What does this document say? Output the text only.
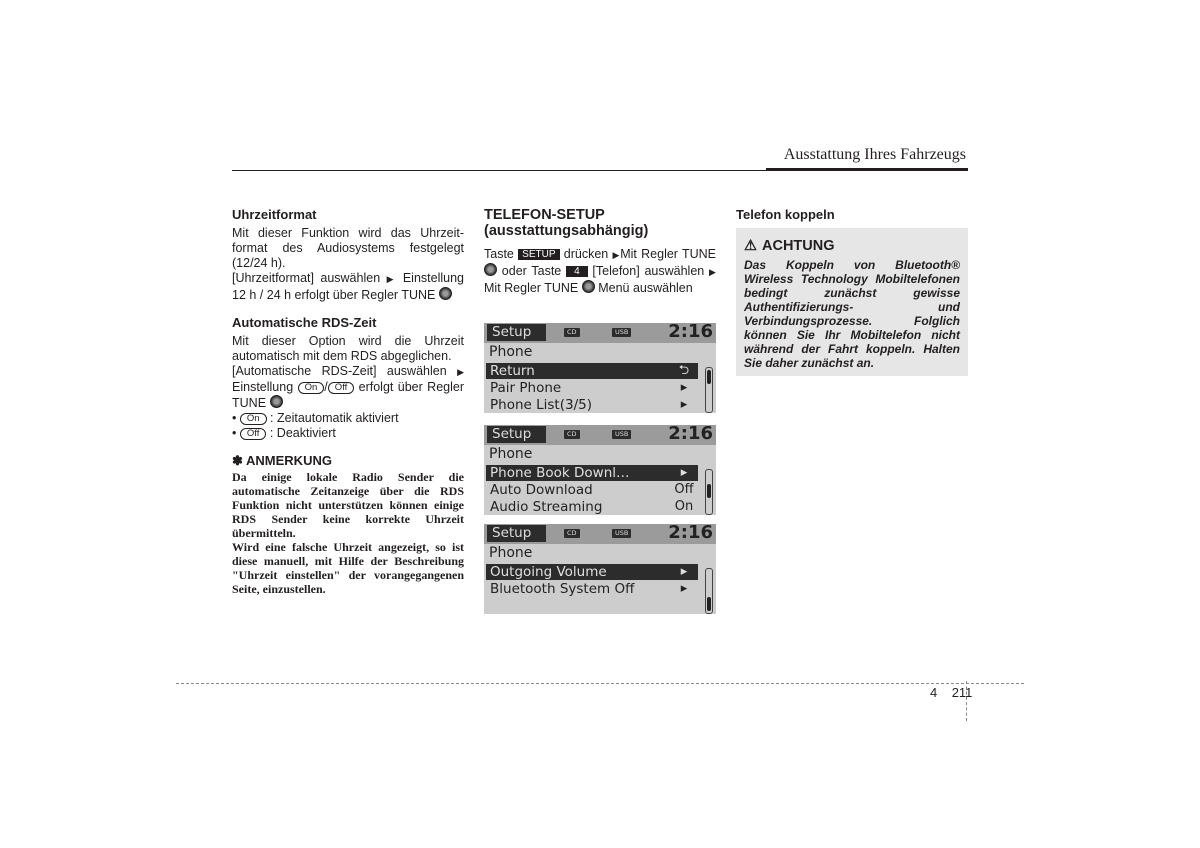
Ausstattung Ihres Fahrzeugs
Uhrzeitformat

Mit dieser Funktion wird das Uhrzeit-format des Audiosystems festgelegt (12/24 h).

[Uhrzeitformat] auswählen ▶ Einstellung 12 h / 24 h erfolgt über Regler TUNE

Automatische RDS-Zeit

Mit dieser Option wird die Uhrzeit automatisch mit dem RDS abgeglichen.

[Automatische RDS-Zeit] auswählen ▶ Einstellung On / Off erfolgt über Regler TUNE

• On : Zeitautomatik aktiviert

• Off : Deaktiviert

✽ ANMERKUNG
Da einige lokale Radio Sender die automatische Zeitanzeige über die RDS Funktion nicht unterstützen können einige RDS Sender keine korrekte Uhrzeit übermitteln.
Wird eine falsche Uhrzeit angezeigt, so ist diese manuell, mit Hilfe der Beschreibung "Uhrzeit einstellen" der vorangegangenen Seite, einzustellen.
TELEFON-SETUP (ausstattungsabhängig)

Taste SETUP drücken ▶Mit Regler TUNE  oder Taste 4 [Telefon] auswählen ▶ Mit Regler TUNE Menü auswählen

Setup	CD	USB 2:16
Phone
Return	⮌
Pair Phone	▸
Phone List(3/5)	▸
Setup	CD	USB 2:16
Phone
Phone Book Downl…	▸
Auto Download	Off
Audio Streaming	On
Setup	CD	USB 2:16
Phone
Outgoing Volume	▸
Bluetooth System Off	▸
Telefon koppeln
⚠ ACHTUNG
Das Koppeln von Bluetooth® Wireless Technology Mobiltelefonen bedingt zunächst gewisse Authentifizierungs- und Verbindungsprozesse. Folglich können Sie Ihr Mobiltelefon nicht während der Fahrt koppeln. Halten Sie daher zunächst an.
4 211
